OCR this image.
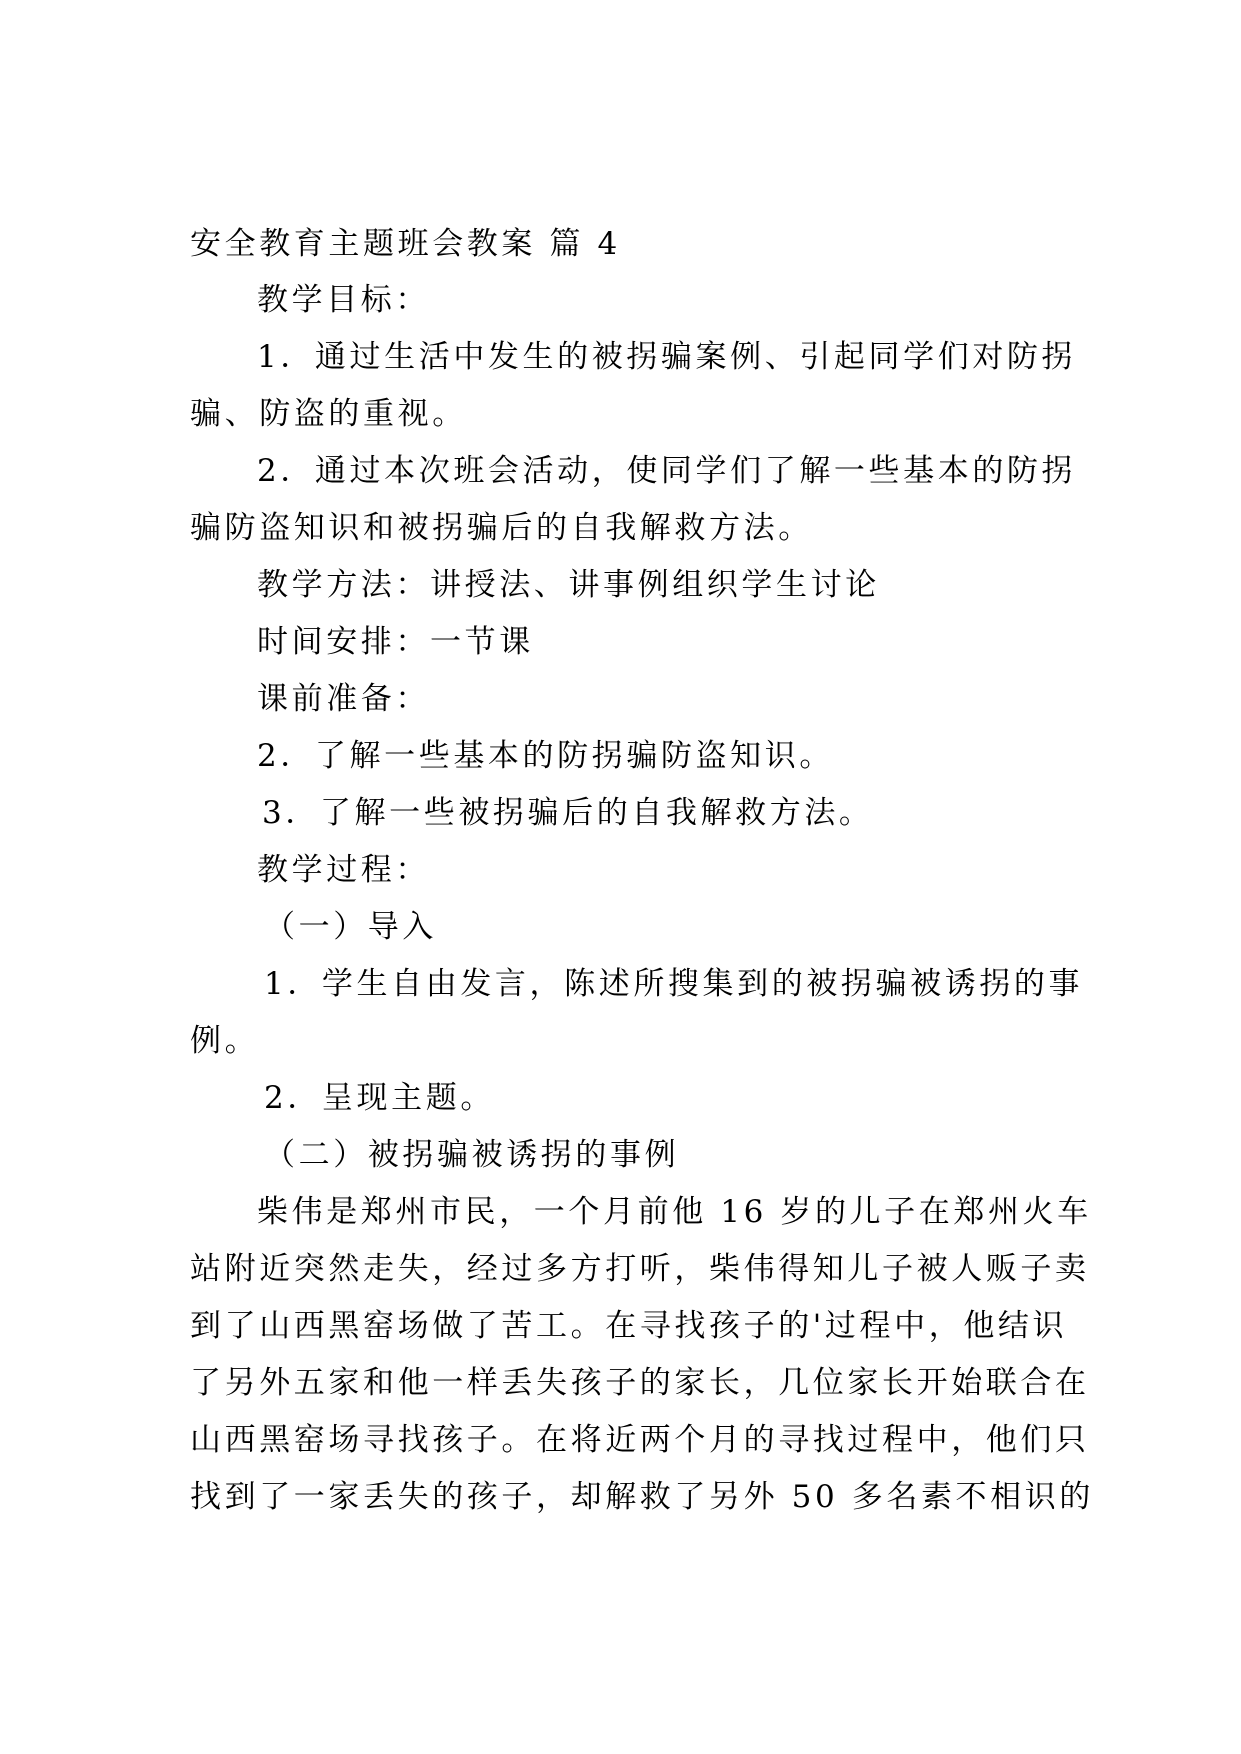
安全教育主题班会教案 篇 4
教学目标：
1．通过生活中发生的被拐骗案例、引起同学们对防拐
骗、防盗的重视。
2．通过本次班会活动，使同学们了解一些基本的防拐
骗防盗知识和被拐骗后的自我解救方法。
教学方法：讲授法、讲事例组织学生讨论
时间安排：一节课
课前准备：
2．了解一些基本的防拐骗防盗知识。
3．了解一些被拐骗后的自我解救方法。
教学过程：
（一）导入
1．学生自由发言，陈述所搜集到的被拐骗被诱拐的事
例。
2．呈现主题。
（二）被拐骗被诱拐的事例
柴伟是郑州市民，一个月前他 16 岁的儿子在郑州火车
站附近突然走失，经过多方打听，柴伟得知儿子被人贩子卖
到了山西黑窑场做了苦工。在寻找孩子的'过程中，他结识
了另外五家和他一样丢失孩子的家长，几位家长开始联合在
山西黑窑场寻找孩子。在将近两个月的寻找过程中，他们只
找到了一家丢失的孩子，却解救了另外 50 多名素不相识的
